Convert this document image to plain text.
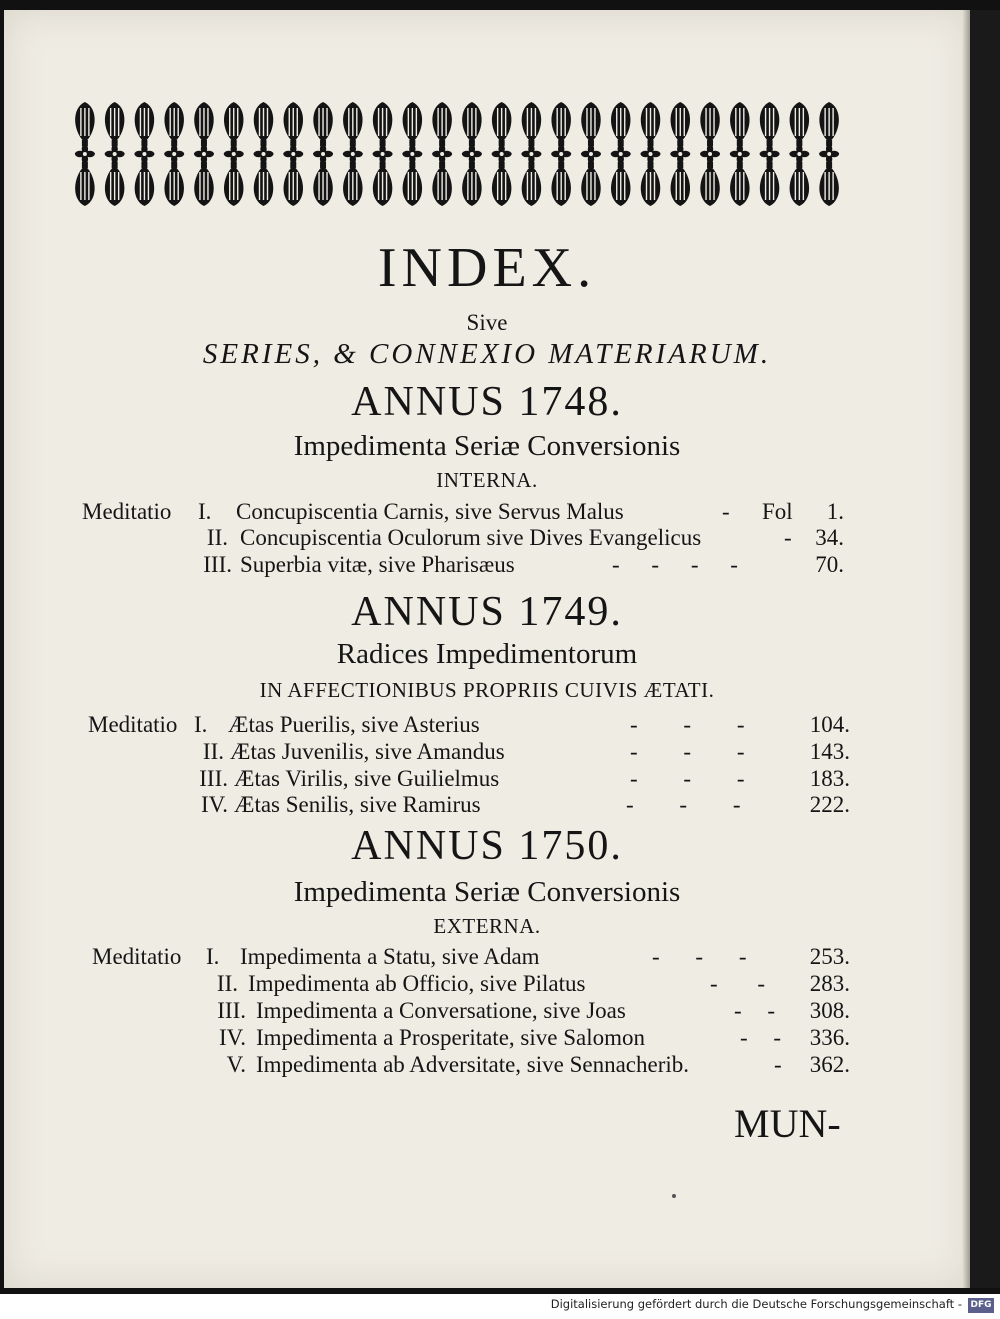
INDEX.
Sive
SERIES, & CONNEXIO MATERIARUM.
ANNUS 1748.
Impedimenta Seriæ Conversionis
INTERNA.
Meditatio I. Concupiscentia Carnis, sive Servus Malus	- Fol	1.
II. Concupiscentia Oculorum sive Dives Evangelicus	-	34.
III. Superbia vitæ, sive Pharisæus	- - - -	70.
ANNUS 1749.
Radices Impedimentorum
IN AFFECTIONIBUS PROPRIIS CUIVIS ÆTATI.
Meditatio I. Ætas Puerilis, sive Asterius	- - -	104.
II. Ætas Juvenilis, sive Amandus	- - -	143.
III. Ætas Virilis, sive Guilielmus	- - -	183.
IV. Ætas Senilis, sive Ramirus	- - -	222.
ANNUS 1750.
Impedimenta Seriæ Conversionis
EXTERNA.
Meditatio I. Impedimenta a Statu, sive Adam	- - -	253.
II. Impedimenta ab Officio, sive Pilatus	- -	283.
III. Impedimenta a Conversatione, sive Joas	- -	308.
IV. Impedimenta a Prosperitate, sive Salomon	- -	336.
V. Impedimenta ab Adversitate, sive Sennacherib.	-	362.
MUN-
Digitalisierung gefördert durch die Deutsche Forschungsgemeinschaft - DFG
